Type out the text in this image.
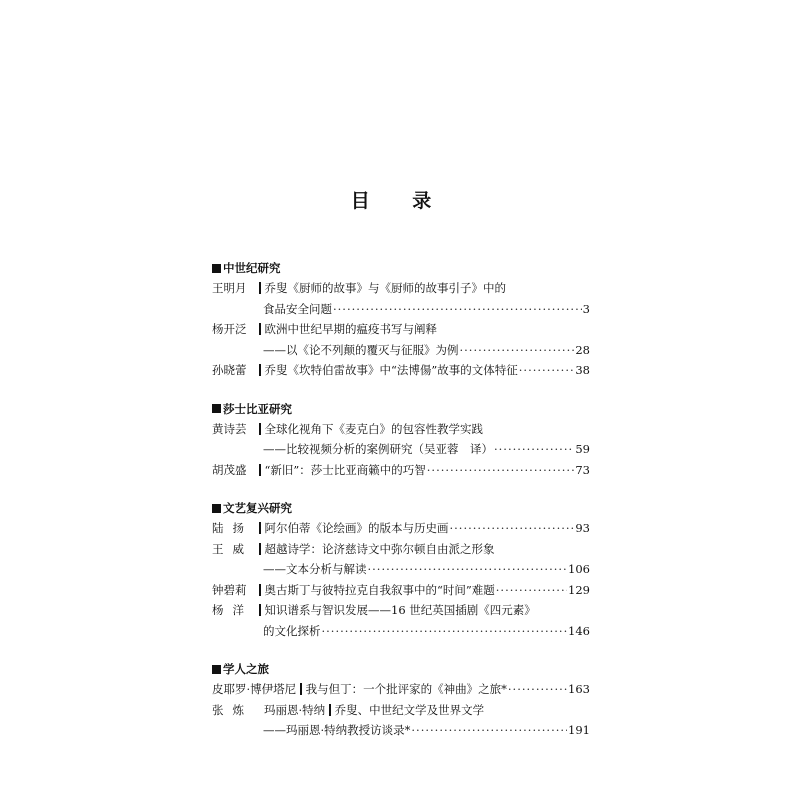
目 录
中世纪研究
王明月	乔叟《厨师的故事》与《厨师的故事引子》中的
食品安全问题 ·····	3
杨开泛	欧洲中世纪早期的瘟疫书写与阐释
——以《论不列颠的覆灭与征服》为例 ·····	28
孙晓蕾	乔叟《坎特伯雷故事》中“法博偒”故事的文体特征 ·····	38
莎士比亚研究
黄诗芸	全球化视角下《麦克白》的包容性教学实践
——比较视频分析的案例研究（吴亚蓉　译） ·····	59
胡茂盛	“新旧”：莎士比亚商籁中的巧智 ·····	73
文艺复兴研究
陆扬	阿尔伯蒂《论绘画》的版本与历史画 ·····	93
王威	超越诗学：论济慈诗文中弥尔顿自由派之形象
——文本分析与解读 ·····	106
钟碧莉	奥古斯丁与彼特拉克自我叙事中的“时间”难题 ·····	129
杨洋	知识谱系与智识发展——16 世纪英国插剧《四元素》
的文化探析 ·····	146
学人之旅
皮耶罗·博伊塔尼 我与但丁：一个批评家的《神曲》之旅* ·····	163
张炼 玛丽恩·特纳 乔叟、中世纪文学及世界文学
——玛丽恩·特纳教授访谈录* ·····	191
